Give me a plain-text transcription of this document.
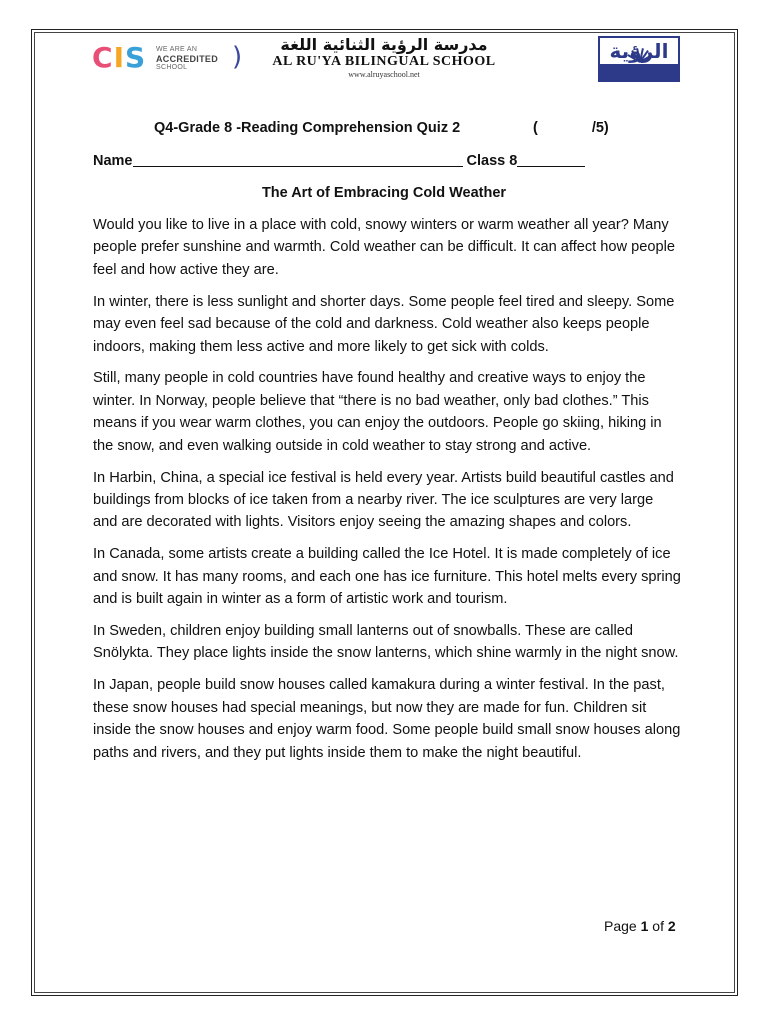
CIS WE ARE AN
ACCREDITED
SCHOOL	)	مدرسة الرؤية الثنائية اللغة
AL RU'YA BILINGUAL SCHOOL
www.alruyaschool.net
الرؤية
Q4-Grade 8 -Reading Comprehension Quiz 2	(	/5)
Name	Class 8
The Art of Embracing Cold Weather

Would you like to live in a place with cold, snowy winters or warm weather all year? Many people prefer sunshine and warmth. Cold weather can be difficult. It can affect how people feel and how active they are.

In winter, there is less sunlight and shorter days. Some people feel tired and sleepy. Some may even feel sad because of the cold and darkness. Cold weather also keeps people indoors, making them less active and more likely to get sick with colds.

Still, many people in cold countries have found healthy and creative ways to enjoy the winter. In Norway, people believe that “there is no bad weather, only bad clothes.” This means if you wear warm clothes, you can enjoy the outdoors. People go skiing, hiking in the snow, and even walking outside in cold weather to stay strong and active.

In Harbin, China, a special ice festival is held every year. Artists build beautiful castles and buildings from blocks of ice taken from a nearby river. The ice sculptures are very large and are decorated with lights. Visitors enjoy seeing the amazing shapes and colors.

In Canada, some artists create a building called the Ice Hotel. It is made completely of ice and snow. It has many rooms, and each one has ice furniture. This hotel melts every spring and is built again in winter as a form of artistic work and tourism.

In Sweden, children enjoy building small lanterns out of snowballs. These are called Snölykta. They place lights inside the snow lanterns, which shine warmly in the night snow.

In Japan, people build snow houses called kamakura during a winter festival. In the past, these snow houses had special meanings, but now they are made for fun. Children sit inside the snow houses and enjoy warm food. Some people build small snow houses along paths and rivers, and they put lights inside them to make the night beautiful.

Page 1 of 2
